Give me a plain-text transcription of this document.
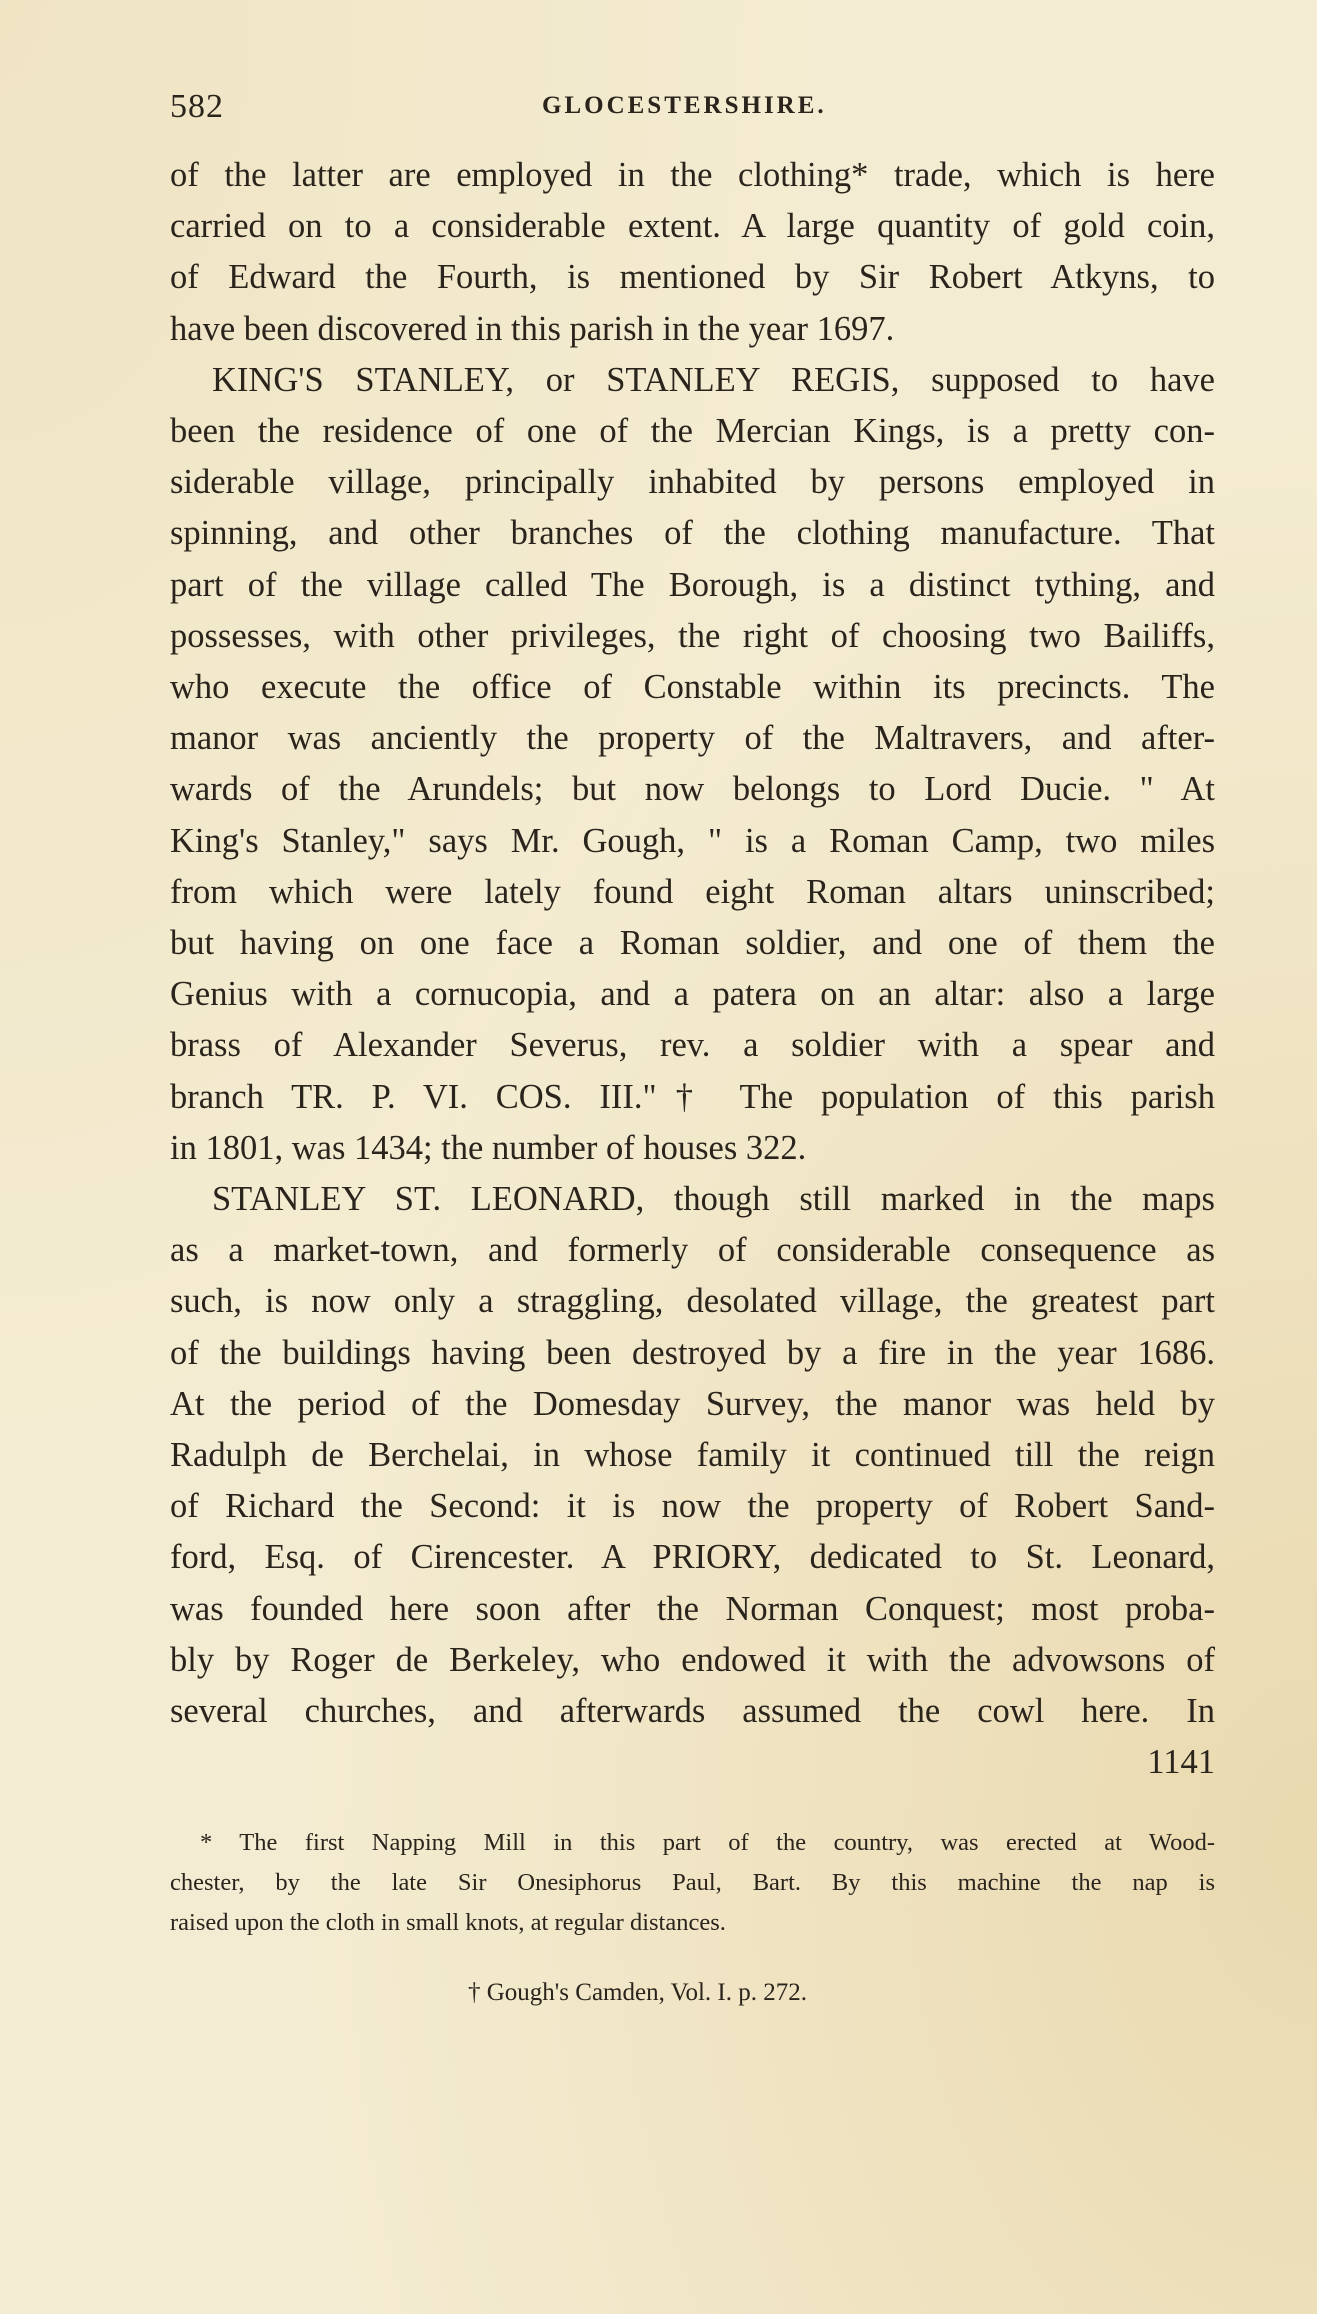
582	GLOCESTERSHIRE.
of the latter are employed in the clothing* trade, which is here
carried on to a considerable extent. A large quantity of gold coin,
of Edward the Fourth, is mentioned by Sir Robert Atkyns, to
have been discovered in this parish in the year 1697.
KING'S STANLEY, or STANLEY REGIS, supposed to have
been the residence of one of the Mercian Kings, is a pretty con-
siderable village, principally inhabited by persons employed in
spinning, and other branches of the clothing manufacture. That
part of the village called The Borough, is a distinct tything, and
possesses, with other privileges, the right of choosing two Bailiffs,
who execute the office of Constable within its precincts. The
manor was anciently the property of the Maltravers, and after-
wards of the Arundels; but now belongs to Lord Ducie. " At
King's Stanley," says Mr. Gough, " is a Roman Camp, two miles
from which were lately found eight Roman altars uninscribed;
but having on one face a Roman soldier, and one of them the
Genius with a cornucopia, and a patera on an altar: also a large
brass of Alexander Severus, rev. a soldier with a spear and
branch TR. P. VI. COS. III."† The population of this parish
in 1801, was 1434; the number of houses 322.
STANLEY ST. LEONARD, though still marked in the maps
as a market-town, and formerly of considerable consequence as
such, is now only a straggling, desolated village, the greatest part
of the buildings having been destroyed by a fire in the year 1686.
At the period of the Domesday Survey, the manor was held by
Radulph de Berchelai, in whose family it continued till the reign
of Richard the Second: it is now the property of Robert Sand-
ford, Esq. of Cirencester. A PRIORY, dedicated to St. Leonard,
was founded here soon after the Norman Conquest; most proba-
bly by Roger de Berkeley, who endowed it with the advowsons of
several churches, and afterwards assumed the cowl here. In
1141
* The first Napping Mill in this part of the country, was erected at Wood-
chester, by the late Sir Onesiphorus Paul, Bart. By this machine the nap is
raised upon the cloth in small knots, at regular distances.
† Gough's Camden, Vol. I. p. 272.
